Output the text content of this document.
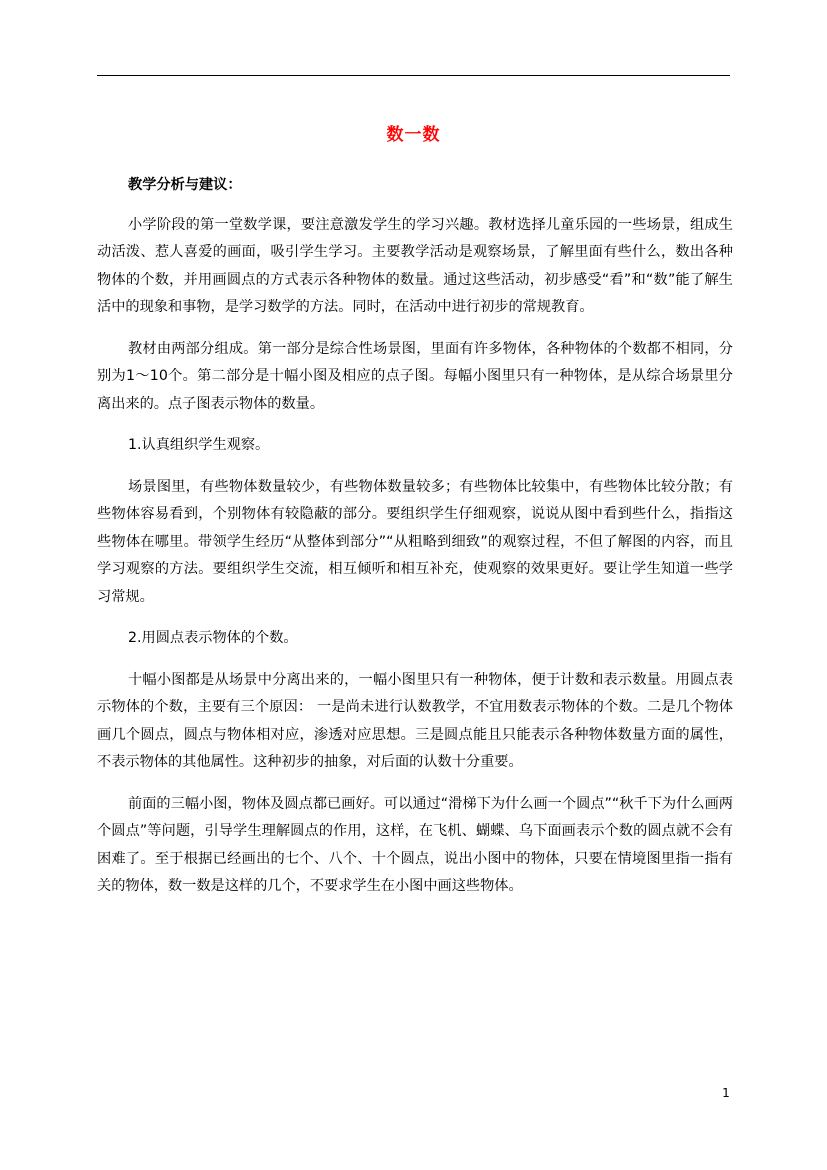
数一数

教学分析与建议：

小学阶段的第一堂数学课，要注意激发学生的学习兴趣。教材选择儿童乐园的一些场景，组成生动活泼、惹人喜爱的画面，吸引学生学习。主要教学活动是观察场景，了解里面有些什么，数出各种物体的个数，并用画圆点的方式表示各种物体的数量。通过这些活动，初步感受“看”和“数”能了解生活中的现象和事物，是学习数学的方法。同时，在活动中进行初步的常规教育。

教材由两部分组成。第一部分是综合性场景图，里面有许多物体，各种物体的个数都不相同，分别为1～10个。第二部分是十幅小图及相应的点子图。每幅小图里只有一种物体，是从综合场景里分离出来的。点子图表示物体的数量。

1.认真组织学生观察。

场景图里，有些物体数量较少，有些物体数量较多；有些物体比较集中，有些物体比较分散；有些物体容易看到，个别物体有较隐蔽的部分。要组织学生仔细观察，说说从图中看到些什么，指指这些物体在哪里。带领学生经历“从整体到部分”“从粗略到细致”的观察过程，不但了解图的内容，而且学习观察的方法。要组织学生交流，相互倾听和相互补充，使观察的效果更好。要让学生知道一些学习常规。

2.用圆点表示物体的个数。

十幅小图都是从场景中分离出来的，一幅小图里只有一种物体，便于计数和表示数量。用圆点表示物体的个数，主要有三个原因： 一是尚未进行认数教学，不宜用数表示物体的个数。二是几个物体画几个圆点，圆点与物体相对应，渗透对应思想。三是圆点能且只能表示各种物体数量方面的属性，不表示物体的其他属性。这种初步的抽象，对后面的认数十分重要。

前面的三幅小图，物体及圆点都已画好。可以通过“滑梯下为什么画一个圆点”“秋千下为什么画两个圆点”等问题，引导学生理解圆点的作用，这样，在飞机、蝴蝶、乌下面画表示个数的圆点就不会有困难了。至于根据已经画出的七个、八个、十个圆点，说出小图中的物体，只要在情境图里指一指有关的物体，数一数是这样的几个，不要求学生在小图中画这些物体。

1
